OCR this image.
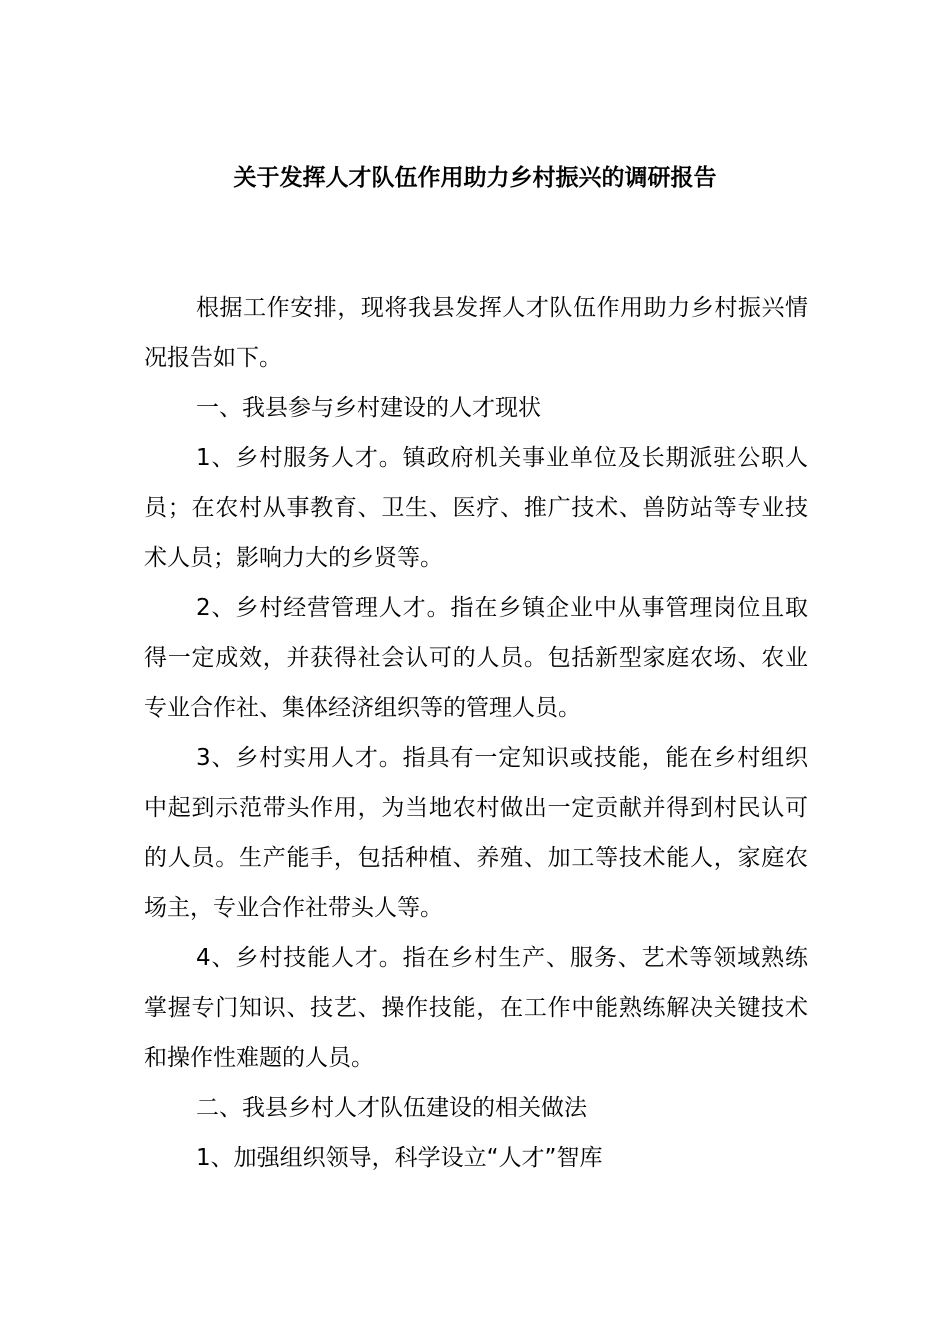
关于发挥人才队伍作用助力乡村振兴的调研报告

根据工作安排，现将我县发挥人才队伍作用助力乡村振兴情况报告如下。

一、我县参与乡村建设的人才现状

1、乡村服务人才。镇政府机关事业单位及长期派驻公职人员；在农村从事教育、卫生、医疗、推广技术、兽防站等专业技术人员；影响力大的乡贤等。

2、乡村经营管理人才。指在乡镇企业中从事管理岗位且取得一定成效，并获得社会认可的人员。包括新型家庭农场、农业专业合作社、集体经济组织等的管理人员。

3、乡村实用人才。指具有一定知识或技能，能在乡村组织中起到示范带头作用，为当地农村做出一定贡献并得到村民认可的人员。生产能手，包括种植、养殖、加工等技术能人，家庭农场主，专业合作社带头人等。

4、乡村技能人才。指在乡村生产、服务、艺术等领域熟练掌握专门知识、技艺、操作技能，在工作中能熟练解决关键技术和操作性难题的人员。

二、我县乡村人才队伍建设的相关做法

1、加强组织领导，科学设立“人才”智库
